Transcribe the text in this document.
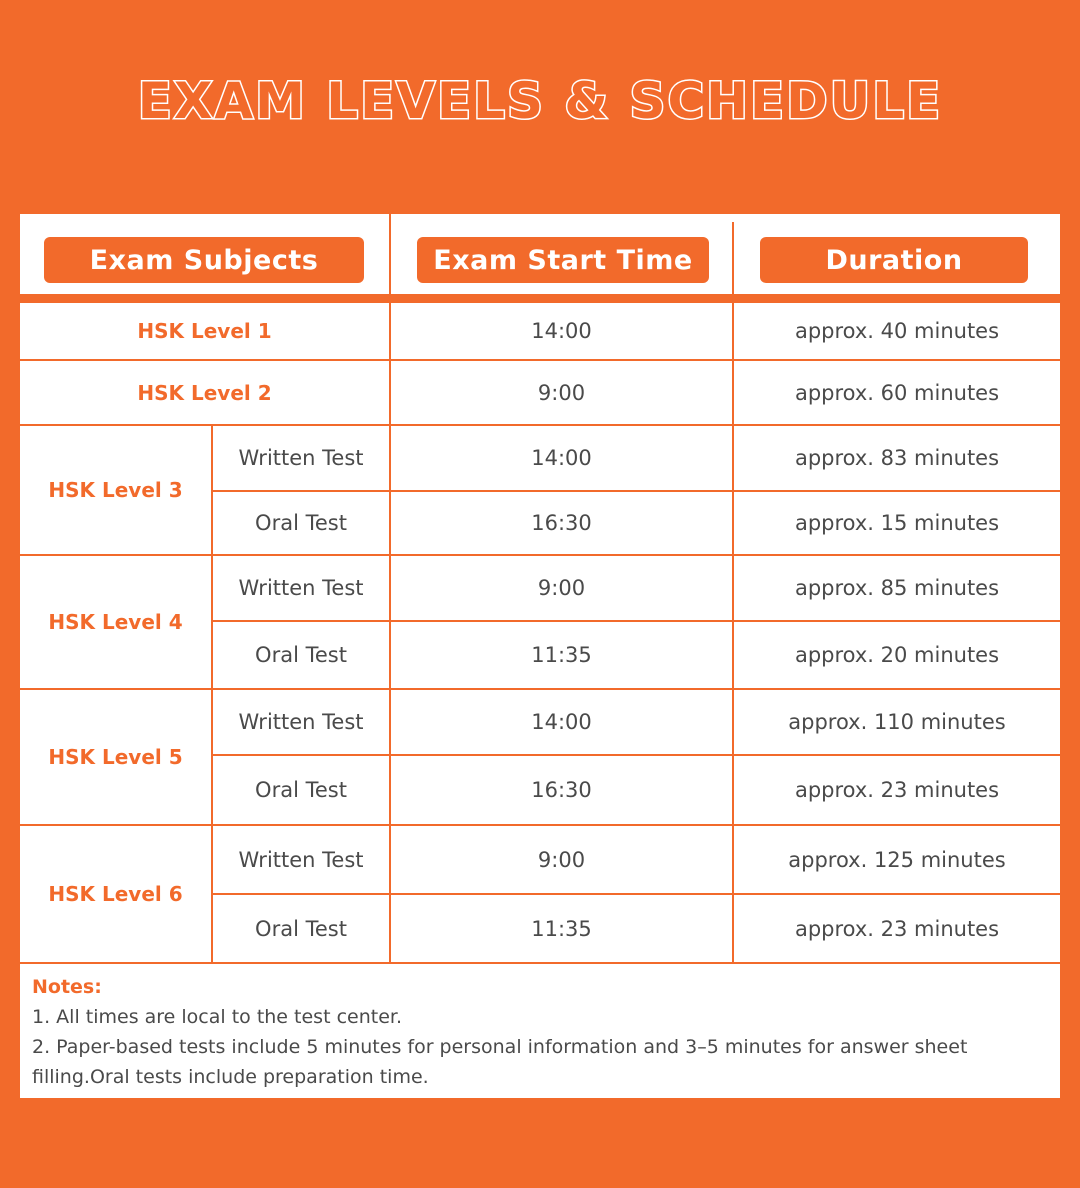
EXAM LEVELS & SCHEDULE
Exam Subjects	Exam Start Time	Duration
HSK Level 1	14:00	approx. 40 minutes
HSK Level 2	9:00	approx. 60 minutes
HSK Level 3
Written Test	14:00	approx. 83 minutes
Oral Test	16:30	approx. 15 minutes
HSK Level 4
Written Test	9:00	approx. 85 minutes
Oral Test	11:35	approx. 20 minutes
HSK Level 5
Written Test	14:00	approx. 110 minutes
Oral Test	16:30	approx. 23 minutes
HSK Level 6
Written Test	9:00	approx. 125 minutes
Oral Test	11:35	approx. 23 minutes
Notes:
1. All times are local to the test center.
2. Paper-based tests include 5 minutes for personal information and 3–5 minutes for answer sheet filling.Oral tests include preparation time.
